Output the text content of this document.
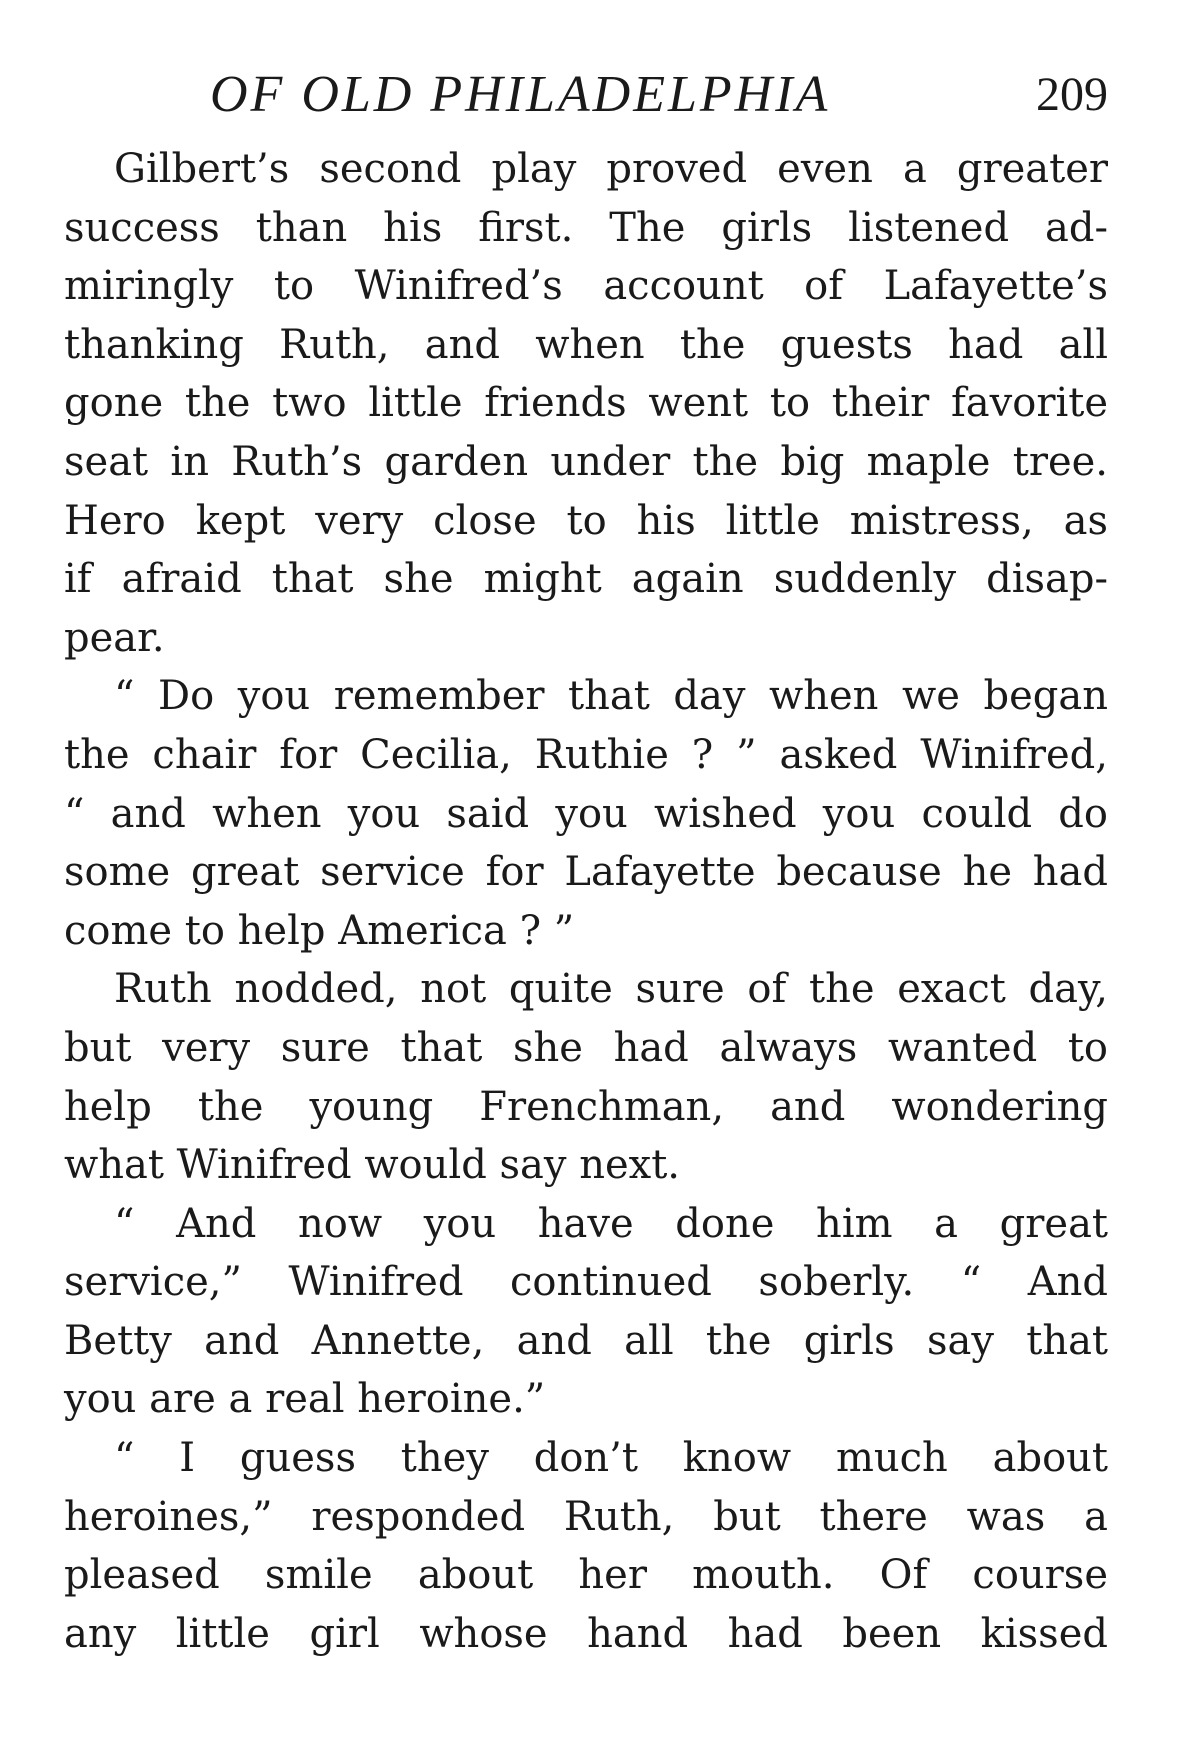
OF OLD PHILADELPHIA	209
Gilbert’s second play proved even a greater
success than his first. The girls listened ad-
miringly to Winifred’s account of Lafayette’s
thanking Ruth, and when the guests had all
gone the two little friends went to their favorite
seat in Ruth’s garden under the big maple tree.
Hero kept very close to his little mistress, as
if afraid that she might again suddenly disap-
pear.
“ Do you remember that day when we began
the chair for Cecilia, Ruthie ? ” asked Winifred,
“ and when you said you wished you could do
some great service for Lafayette because he had
come to help America ? ”
Ruth nodded, not quite sure of the exact day,
but very sure that she had always wanted to
help the young Frenchman, and wondering
what Winifred would say next.
“ And now you have done him a great
service,” Winifred continued soberly. “ And
Betty and Annette, and all the girls say that
you are a real heroine.”
“ I guess they don’t know much about
heroines,” responded Ruth, but there was a
pleased smile about her mouth. Of course
any little girl whose hand had been kissed
